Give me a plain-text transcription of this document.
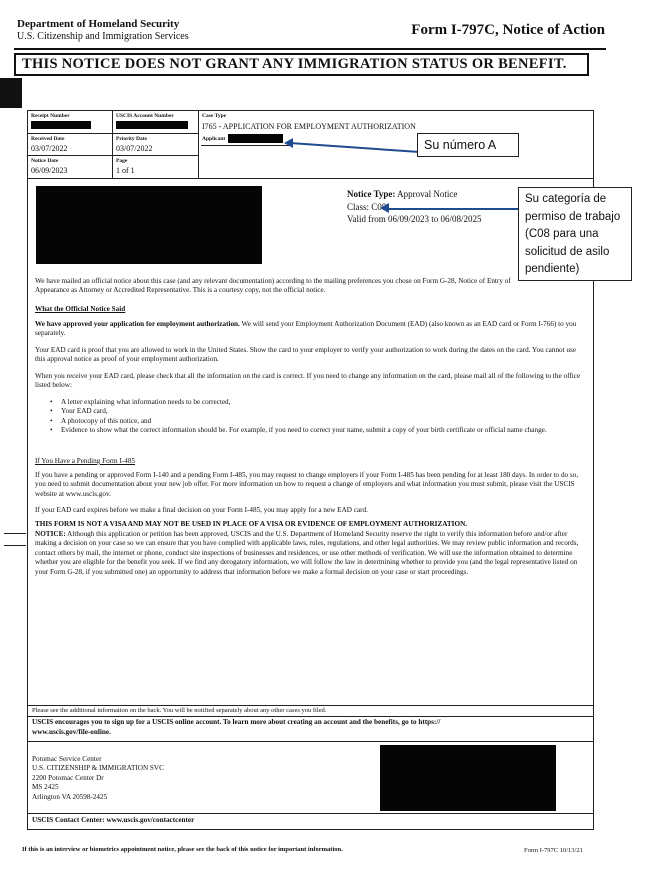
Department of Homeland Security
U.S. Citizenship and Immigration Services	Form I-797C, Notice of Action
THIS NOTICE DOES NOT GRANT ANY IMMIGRATION STATUS OR BENEFIT.
Receipt Number	USCIS Account Number	Case Type
I765 - APPLICATION FOR EMPLOYMENT AUTHORIZATION
Received Date
03/07/2022
Priority Date
03/07/2022
Applicant
Notice Date
06/09/2023
Page
1 of 1
Su número A
Notice Type: Approval Notice
Class: C08
Valid from 06/09/2023 to 06/08/2025
Su categoría de
permiso de trabajo
(C08 para una
solicitud de asilo
pendiente)
We have mailed an official notice about this case (and any relevant documentation) according to the mailing preferences you chose on Form G-28, Notice of Entry of Appearance as Attorney or Accredited Representative. This is a courtesy copy, not the official notice.
What the Official Notice Said
We have approved your application for employment authorization. We will send your Employment Authorization Document (EAD) (also known as an EAD card or Form I-766) to you separately.
Your EAD card is proof that you are allowed to work in the United States. Show the card to your employer to verify your authorization to work during the dates on the card. You cannot use this approval notice as proof of your employment authorization.
When you receive your EAD card, please check that all the information on the card is correct. If you need to change any information on the card, please mail all of the following to the office listed below:
•	A letter explaining what information needs to be corrected,
•	Your EAD card,
•	A photocopy of this notice, and
•	Evidence to show what the correct information should be. For example, if you need to correct your name, submit a copy of your birth certificate or official name change.
If You Have a Pending Form I-485
If you have a pending or approved Form I-140 and a pending Form I-485, you may request to change employers if your Form I-485 has been pending for at least 180 days. In order to do so, you need to submit documentation about your new job offer. For more information on how to request a change of employers and what information you must submit, please visit the USCIS website at www.uscis.gov.
If your EAD card expires before we make a final decision on your Form I-485, you may apply for a new EAD card.
THIS FORM IS NOT A VISA AND MAY NOT BE USED IN PLACE OF A VISA OR EVIDENCE OF EMPLOYMENT AUTHORIZATION.
NOTICE: Although this application or petition has been approved, USCIS and the U.S. Department of Homeland Security reserve the right to verify this information before and/or after making a decision on your case so we can ensure that you have complied with applicable laws, rules, regulations, and other legal authorities. We may review public information and records, contact others by mail, the internet or phone, conduct site inspections of businesses and residences, or use other methods of verification. We will use the information obtained to determine whether you are eligible for the benefit you seek. If we find any derogatory information, we will follow the law in determining whether to provide you (and the legal representative listed on your Form G-28, if you submitted one) an opportunity to address that information before we make a formal decision on your case or start proceedings.
Please see the additional information on the back. You will be notified separately about any other cases you filed.
USCIS encourages you to sign up for a USCIS online account. To learn more about creating an account and the benefits, go to https://
www.uscis.gov/file-online.
Potomac Service Center
U.S. CITIZENSHIP & IMMIGRATION SVC
2200 Potomac Center Dr
MS 2425
Arlington VA 20598-2425
USCIS Contact Center: www.uscis.gov/contactcenter
If this is an interview or biometrics appointment notice, please see the back of this notice for important information.	Form I-797C 10/13/21
